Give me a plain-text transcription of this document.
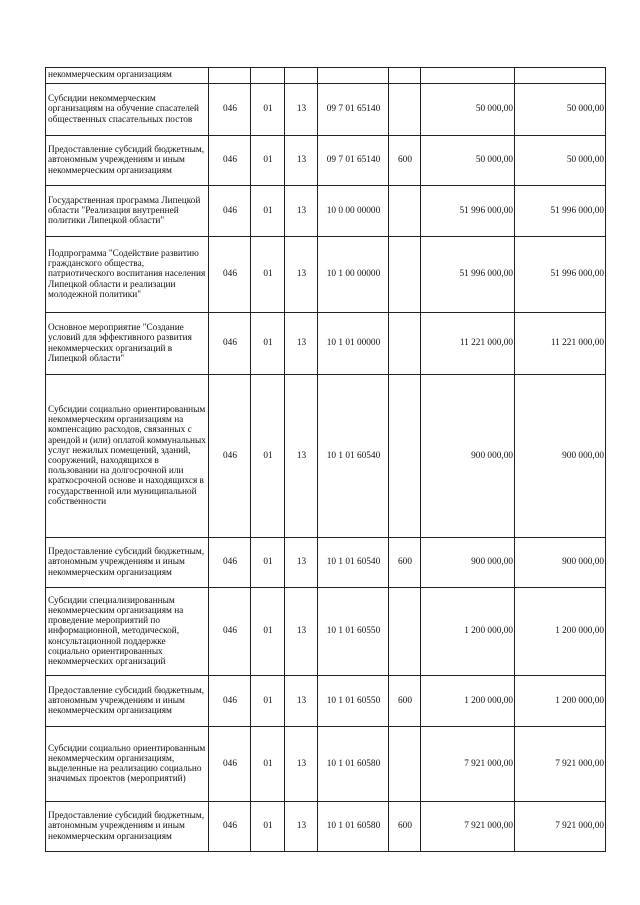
некоммерческим организациям							
Субсидии некоммерческим организациям на обучение спасателей общественных спасательных постов	046	01	13	09 7 01 65140		50 000,00	50 000,00
Предоставление субсидий бюджетным, автономным учреждениям и иным некоммерческим организациям	046	01	13	09 7 01 65140	600	50 000,00	50 000,00
Государственная программа Липецкой области "Реализация внутренней политики Липецкой области"	046	01	13	10 0 00 00000		51 996 000,00	51 996 000,00
Подпрограмма "Содействие развитию гражданского общества, патриотического воспитания населения Липецкой области и реализации молодежной политики"	046	01	13	10 1 00 00000		51 996 000,00	51 996 000,00
Основное мероприятие "Создание условий для эффективного развития некоммерческих организаций в Липецкой области"	046	01	13	10 1 01 00000		11 221 000,00	11 221 000,00
Субсидии социально ориентированным некоммерческим организациям на компенсацию расходов, связанных с арендой и (или) оплатой коммунальных услуг нежилых помещений, зданий, сооружений, находящихся в пользовании на долгосрочной или краткосрочной основе и находящихся в государственной или муниципальной собственности	046	01	13	10 1 01 60540		900 000,00	900 000,00
Предоставление субсидий бюджетным, автономным учреждениям и иным некоммерческим организациям	046	01	13	10 1 01 60540	600	900 000,00	900 000,00
Субсидии специализированным некоммерческим организациям на проведение мероприятий по информационной, методической, консультационной поддержке социально ориентированных некоммерческих организаций	046	01	13	10 1 01 60550		1 200 000,00	1 200 000,00
Предоставление субсидий бюджетным, автономным учреждениям и иным некоммерческим организациям	046	01	13	10 1 01 60550	600	1 200 000,00	1 200 000,00
Субсидии социально ориентированным некоммерческим организациям, выделенные на реализацию социально значимых проектов (мероприятий)	046	01	13	10 1 01 60580		7 921 000,00	7 921 000,00
Предоставление субсидий бюджетным, автономным учреждениям и иным некоммерческим организациям	046	01	13	10 1 01 60580	600	7 921 000,00	7 921 000,00
